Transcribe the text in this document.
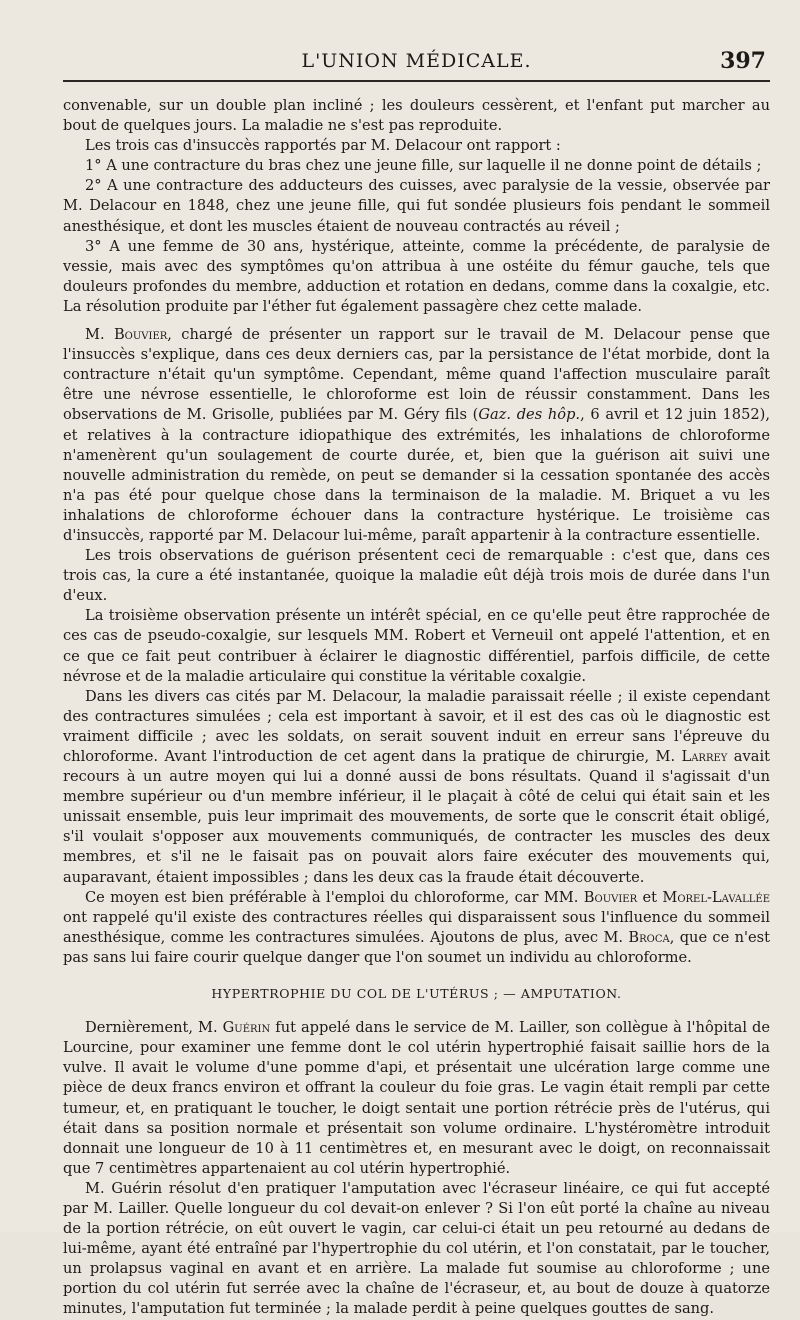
L'UNION MÉDICALE.	397

convenable, sur un double plan incliné ; les douleurs cessèrent, et l'enfant put marcher au bout de quelques jours. La maladie ne s'est pas reproduite.

Les trois cas d'insuccès rapportés par M. Delacour ont rapport :

1° A une contracture du bras chez une jeune fille, sur laquelle il ne donne point de détails ;

2° A une contracture des adducteurs des cuisses, avec paralysie de la vessie, observée par M. Delacour en 1848, chez une jeune fille, qui fut sondée plusieurs fois pendant le sommeil anesthésique, et dont les muscles étaient de nouveau contractés au réveil ;

3° A une femme de 30 ans, hystérique, atteinte, comme la précédente, de paralysie de vessie, mais avec des symptômes qu'on attribua à une ostéite du fémur gauche, tels que douleurs profondes du membre, adduction et rotation en dedans, comme dans la coxalgie, etc. La résolution produite par l'éther fut également passagère chez cette malade.

M. Bouvier, chargé de présenter un rapport sur le travail de M. Delacour pense que l'insuccès s'explique, dans ces deux derniers cas, par la persistance de l'état morbide, dont la contracture n'était qu'un symptôme. Cependant, même quand l'affection musculaire paraît être une névrose essentielle, le chloroforme est loin de réussir constamment. Dans les observations de M. Grisolle, publiées par M. Géry fils (Gaz. des hôp., 6 avril et 12 juin 1852), et relatives à la contracture idiopathique des extrémités, les inhalations de chloroforme n'amenèrent qu'un soulagement de courte durée, et, bien que la guérison ait suivi une nouvelle administration du remède, on peut se demander si la cessation spontanée des accès n'a pas été pour quelque chose dans la terminaison de la maladie. M. Briquet a vu les inhalations de chloroforme échouer dans la contracture hystérique. Le troisième cas d'insuccès, rapporté par M. Delacour lui-même, paraît appartenir à la contracture essentielle.

Les trois observations de guérison présentent ceci de remarquable : c'est que, dans ces trois cas, la cure a été instantanée, quoique la maladie eût déjà trois mois de durée dans l'un d'eux.

La troisième observation présente un intérêt spécial, en ce qu'elle peut être rapprochée de ces cas de pseudo-coxalgie, sur lesquels MM. Robert et Verneuil ont appelé l'attention, et en ce que ce fait peut contribuer à éclairer le diagnostic différentiel, parfois difficile, de cette névrose et de la maladie articulaire qui constitue la véritable coxalgie.

Dans les divers cas cités par M. Delacour, la maladie paraissait réelle ; il existe cependant des contractures simulées ; cela est important à savoir, et il est des cas où le diagnostic est vraiment difficile ; avec les soldats, on serait souvent induit en erreur sans l'épreuve du chloroforme. Avant l'introduction de cet agent dans la pratique de chirurgie, M. Larrey avait recours à un autre moyen qui lui a donné aussi de bons résultats. Quand il s'agissait d'un membre supérieur ou d'un membre inférieur, il le plaçait à côté de celui qui était sain et les unissait ensemble, puis leur imprimait des mouvements, de sorte que le conscrit était obligé, s'il voulait s'opposer aux mouvements communiqués, de contracter les muscles des deux membres, et s'il ne le faisait pas on pouvait alors faire exécuter des mouvements qui, auparavant, étaient impossibles ; dans les deux cas la fraude était découverte.

Ce moyen est bien préférable à l'emploi du chloroforme, car MM. Bouvier et Morel-Lavallée ont rappelé qu'il existe des contractures réelles qui disparaissent sous l'influence du sommeil anesthésique, comme les contractures simulées. Ajoutons de plus, avec M. Broca, que ce n'est pas sans lui faire courir quelque danger que l'on soumet un individu au chloroforme.

HYPERTROPHIE DU COL DE L'UTÉRUS ; — AMPUTATION.

Dernièrement, M. Guérin fut appelé dans le service de M. Lailler, son collègue à l'hôpital de Lourcine, pour examiner une femme dont le col utérin hypertrophié faisait saillie hors de la vulve. Il avait le volume d'une pomme d'api, et présentait une ulcération large comme une pièce de deux francs environ et offrant la couleur du foie gras. Le vagin était rempli par cette tumeur, et, en pratiquant le toucher, le doigt sentait une portion rétrécie près de l'utérus, qui était dans sa position normale et présentait son volume ordinaire. L'hystéromètre introduit donnait une longueur de 10 à 11 centimètres et, en mesurant avec le doigt, on reconnaissait que 7 centimètres appartenaient au col utérin hypertrophié.

M. Guérin résolut d'en pratiquer l'amputation avec l'écraseur linéaire, ce qui fut accepté par M. Lailler. Quelle longueur du col devait-on enlever ? Si l'on eût porté la chaîne au niveau de la portion rétrécie, on eût ouvert le vagin, car celui-ci était un peu retourné au dedans de lui-même, ayant été entraîné par l'hypertrophie du col utérin, et l'on constatait, par le toucher, un prolapsus vaginal en avant et en arrière. La malade fut soumise au chloroforme ; une portion du col utérin fut serrée avec la chaîne de l'écraseur, et, au bout de douze à quatorze minutes, l'amputation fut terminée ; la malade perdit à peine quelques gouttes de sang.
